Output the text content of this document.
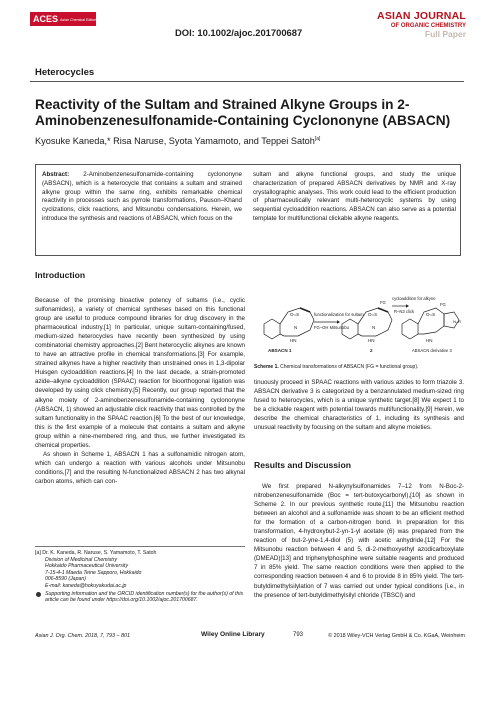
ACES Asian Chemical Editorial Society
DOI: 10.1002/ajoc.201700687
ASIAN JOURNAL
OF ORGANIC CHEMISTRY
Full Paper
Heterocycles
Reactivity of the Sultam and Strained Alkyne Groups in 2-Aminobenzenesulfonamide-Containing Cyclononyne (ABSACN)
Kyosuke Kaneda,* Risa Naruse, Syota Yamamoto, and Teppei Satoh[a]
Abstract: 2-Aminobenzenesulfonamide-containing cyclononyne (ABSACN), which is a heterocycle that contains a sultam and strained alkyne group within the same ring, exhibits remarkable chemical reactivity in processes such as pyrrole transformations, Pauson–Khand cyclizations, click reactions, and Mitsunobu condensations. Herein, we introduce the synthesis and reactions of ABSACN, which focus on the
sultam and alkyne functional groups, and study the unique characterization of prepared ABSACN derivatives by NMR and X-ray crystallographic analyses. This work could lead to the efficient production of pharmaceutically relevant multi-heterocyclic systems by using sequential cycloaddition reactions. ABSACN can also serve as a potential template for multifunctional clickable alkyne reagents.
Introduction

Because of the promising bioactive potency of sultams (i.e., cyclic sulfonamides), a variety of chemical syntheses based on this functional group are useful to produce compound libraries for drug discovery in the pharmaceutical industry.[1] In particular, unique sultam-containing/fused, medium-sized heterocycles have recently been synthesized by using combinatorial chemistry approaches.[2] Bent heterocyclic alkynes are known to have an attractive profile in chemical transformations.[3] For example, strained alkynes have a higher reactivity than unstrained ones in 1,3-dipolar Huisgen cycloaddition reactions.[4] In the last decade, a strain-promoted azide–alkyne cycloaddition (SPAAC) reaction for bioorthogonal ligation was developed by using click chemistry.[5] Recently, our group reported that the alkyne moiety of 2-aminobenzenesulfonamide-containing cyclononyne (ABSACN, 1) showed an adjustable click reactivity that was controlled by the sultam functionality in the SPAAC reaction.[6] To the best of our knowledge, this is the first example of a molecule that contains a sultam and alkyne group within a nine-membered ring, and thus, we further investigated its chemical properties.

As shown in Scheme 1, ABSACN 1 has a sulfonamidic nitrogen atom, which can undergo a reaction with various alcohols under Mitsunobu conditions,[7] and the resulting N-functionalized ABSACN 2 has two alkynal carbon atoms, which can con-

O=S
N
HN
O=S
N
HN
O=S
FG
FG
N–R
HN
functionalization for sultam
FG–OH Mitsunobu
cycloaddition for alkyne
R–N3 click
ABSACN 1	2	ABSACN derivative 3
Scheme 1. Chemical transformations of ABSACN (FG = functional group).

tinuously proceed in SPAAC reactions with various azides to form triazole 3. ABSACN derivative 3 is categorized by a benzannulated medium-sized ring fused to heterocycles, which is a unique synthetic target.[8] We expect 1 to be a clickable reagent with potential towards multifunctionality.[9] Herein, we describe the chemical characteristics of 1, including its synthesis and unusual reactivity by focusing on the sultam and alkyne moieties.

Results and Discussion

We first prepared N-alkynylsulfonamides 7–12 from N-Boc-2-nitrobenzenesulfonamide (Boc = tert-butoxycarbonyl),[10] as shown in Scheme 2. In our previous synthetic route,[11] the Mitsunobu reaction between an alcohol and a sulfonamide was shown to be an efficient method for the formation of a carbon-nitrogen bond. In preparation for this transformation, 4-hydroxybut-2-yn-1-yl acetate (6) was prepared from the reaction of but-2-yne-1,4-diol (5) with acetic anhydride.[12] For the Mitsunobu reaction between 4 and 5, di-2-methoxyethyl azodicarboxylate (DMEAD)[13] and triphenylphosphine were suitable reagents and produced 7 in 85% yield. The same reaction conditions were then applied to the corresponding reaction between 4 and 6 to provide 8 in 85% yield. The tert-butyldimethylsilylation of 7 was carried out under typical conditions [i.e., in the presence of tert-butyldimethylsilyl chloride (TBSCl) and

[a] Dr. K. Kaneda, R. Naruse, S. Yamamoto, T. Satoh
Division of Medicinal Chemistry
Hokkaido Pharmaceutical University
7-15-4-1 Maeda Teine Sapporo, Hokkaido
006-8590 (Japan)
E-mail: kaneda@hokuyakudai.ac.jp
Supporting information and the ORCID identification number(s) for the author(s) of this article can be found under https://doi.org/10.1002/ajoc.201700687.
Asian J. Org. Chem. 2018, 7, 793 – 801	Wiley Online Library	793	© 2018 Wiley-VCH Verlag GmbH & Co. KGaA, Weinheim
